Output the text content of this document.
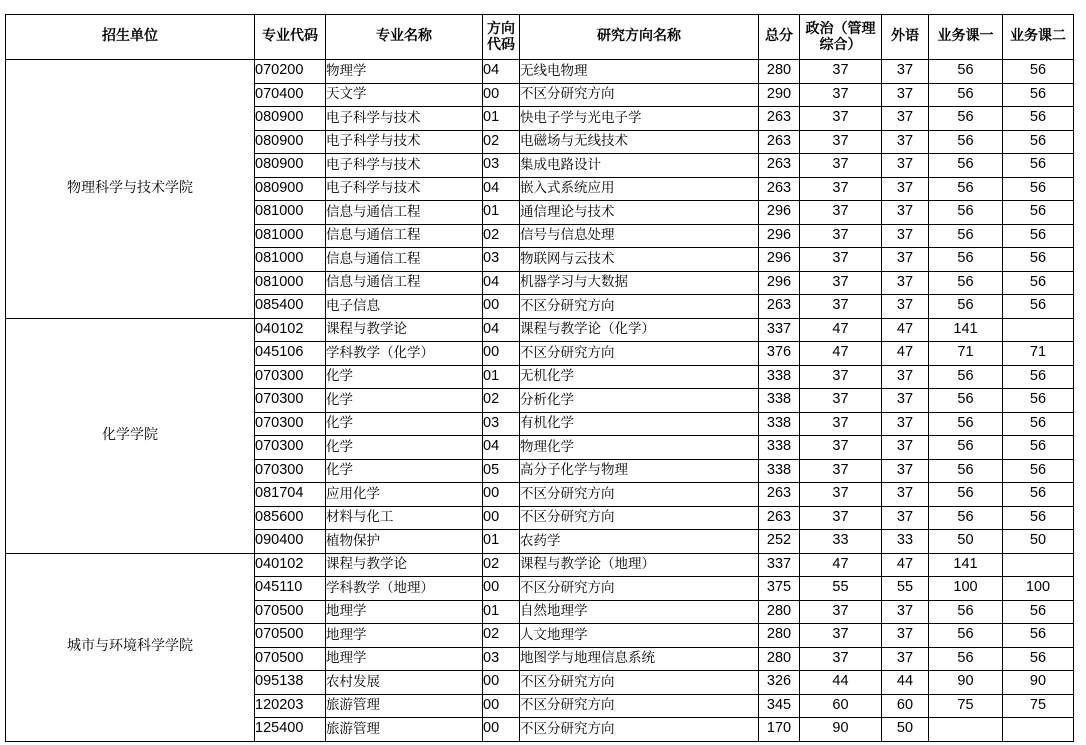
招生单位	专业代码	专业名称	方向代码	研究方向名称	总分	政治（管理综合）	外语	业务课一	业务课二
物理科学与技术学院	070200	物理学	04	无线电物理	280	37	37	56	56
	070400	天文学	00	不区分研究方向	290	37	37	56	56
	080900	电子科学与技术	01	快电子学与光电子学	263	37	37	56	56
	080900	电子科学与技术	02	电磁场与无线技术	263	37	37	56	56
	080900	电子科学与技术	03	集成电路设计	263	37	37	56	56
	080900	电子科学与技术	04	嵌入式系统应用	263	37	37	56	56
	081000	信息与通信工程	01	通信理论与技术	296	37	37	56	56
	081000	信息与通信工程	02	信号与信息处理	296	37	37	56	56
	081000	信息与通信工程	03	物联网与云技术	296	37	37	56	56
	081000	信息与通信工程	04	机器学习与大数据	296	37	37	56	56
	085400	电子信息	00	不区分研究方向	263	37	37	56	56
化学学院	040102	课程与教学论	04	课程与教学论（化学）	337	47	47	141	
	045106	学科教学（化学）	00	不区分研究方向	376	47	47	71	71
	070300	化学	01	无机化学	338	37	37	56	56
	070300	化学	02	分析化学	338	37	37	56	56
	070300	化学	03	有机化学	338	37	37	56	56
	070300	化学	04	物理化学	338	37	37	56	56
	070300	化学	05	高分子化学与物理	338	37	37	56	56
	081704	应用化学	00	不区分研究方向	263	37	37	56	56
	085600	材料与化工	00	不区分研究方向	263	37	37	56	56
	090400	植物保护	01	农药学	252	33	33	50	50
城市与环境科学学院	040102	课程与教学论	02	课程与教学论（地理）	337	47	47	141	
	045110	学科教学（地理）	00	不区分研究方向	375	55	55	100	100
	070500	地理学	01	自然地理学	280	37	37	56	56
	070500	地理学	02	人文地理学	280	37	37	56	56
	070500	地理学	03	地图学与地理信息系统	280	37	37	56	56
	095138	农村发展	00	不区分研究方向	326	44	44	90	90
	120203	旅游管理	00	不区分研究方向	345	60	60	75	75
	125400	旅游管理	00	不区分研究方向	170	90	50		
